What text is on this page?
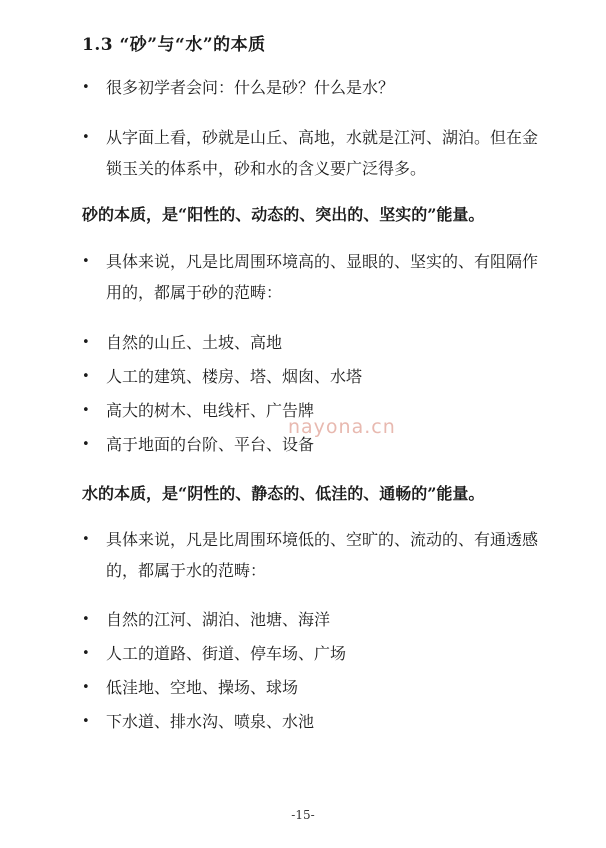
1.3 “砂”与“水”的本质

• 很多初学者会问：什么是砂？什么是水？

• 从字面上看，砂就是山丘、高地，水就是江河、湖泊。但在金锁玉关的体系中，砂和水的含义要广泛得多。

砂的本质，是“阳性的、动态的、突出的、坚实的”能量。

• 具体来说，凡是比周围环境高的、显眼的、坚实的、有阻隔作用的，都属于砂的范畴：

• 自然的山丘、土坡、高地

• 人工的建筑、楼房、塔、烟囱、水塔

• 高大的树木、电线杆、广告牌

• 高于地面的台阶、平台、设备

nayona.cn
水的本质，是“阴性的、静态的、低洼的、通畅的”能量。

• 具体来说，凡是比周围环境低的、空旷的、流动的、有通透感的，都属于水的范畴：

• 自然的江河、湖泊、池塘、海洋

• 人工的道路、街道、停车场、广场

• 低洼地、空地、操场、球场

• 下水道、排水沟、喷泉、水池

-15-
